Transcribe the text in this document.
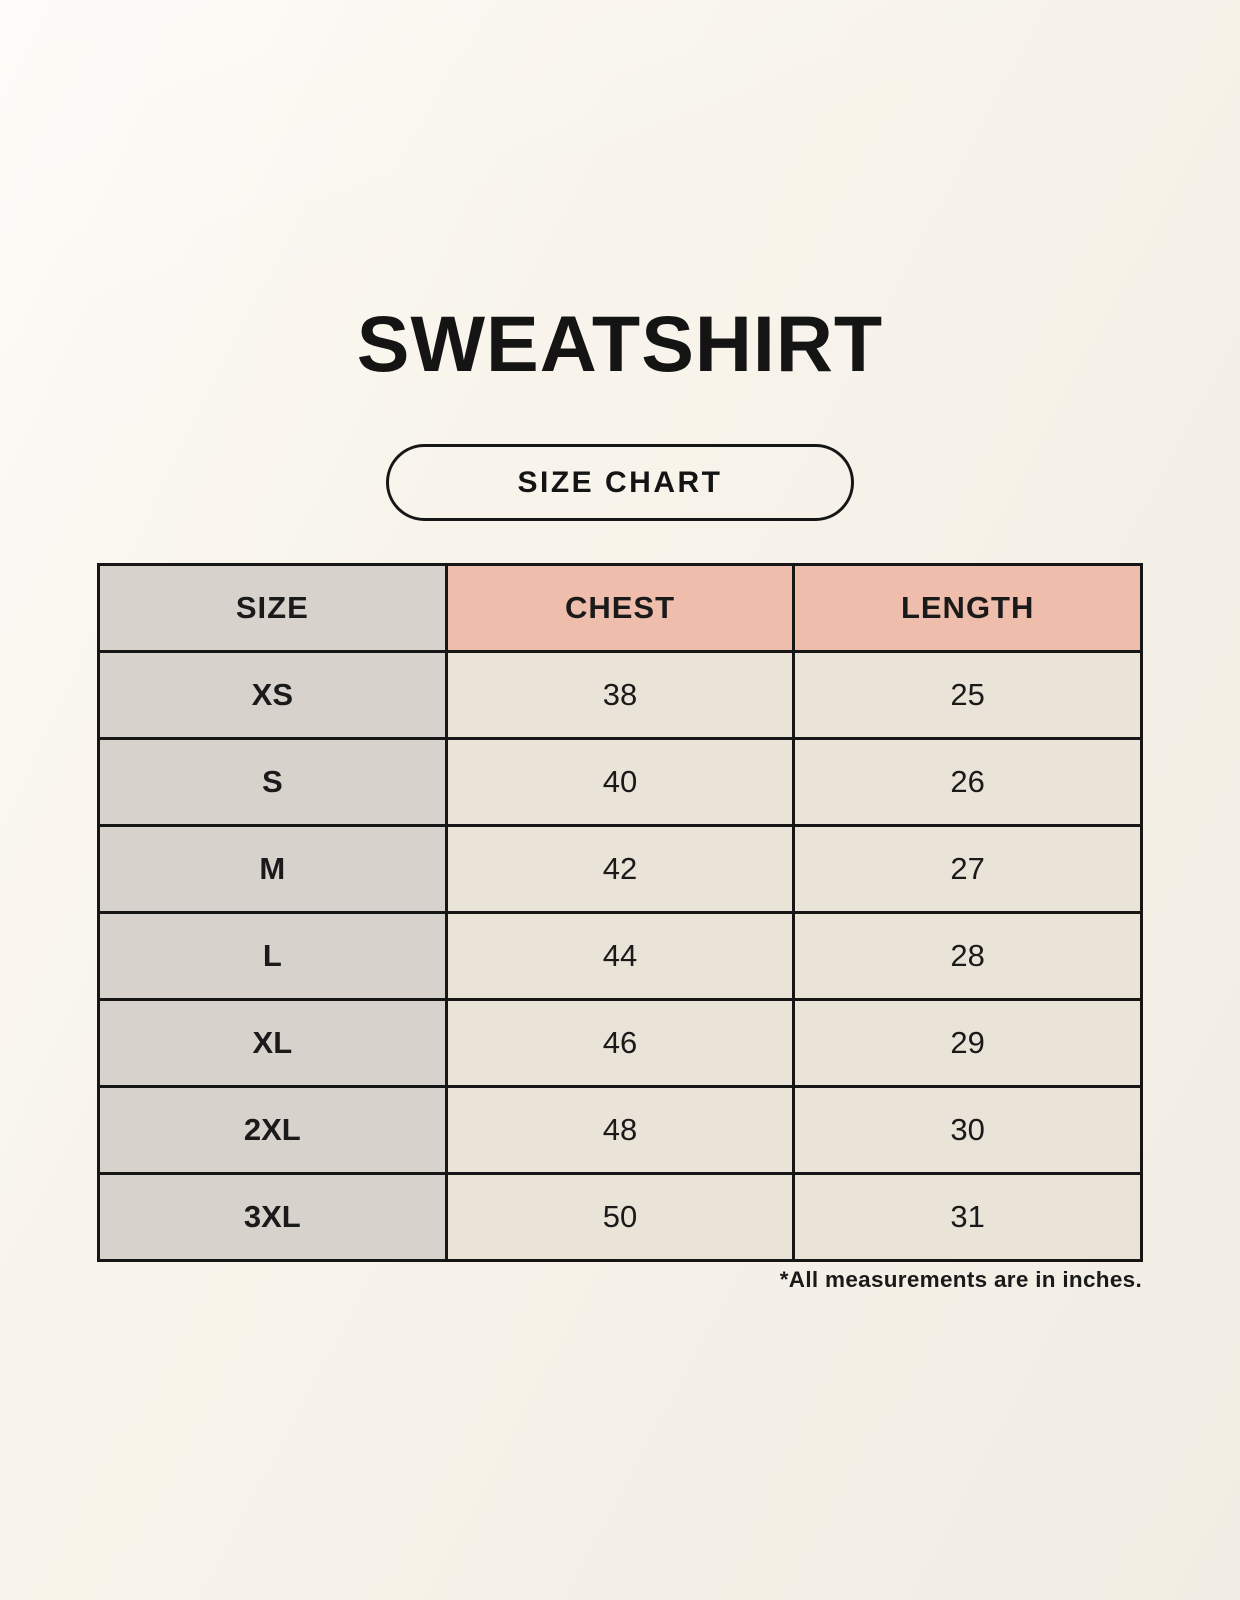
SWEATSHIRT
SIZE CHART
SIZE	CHEST	LENGTH
XS	38	25
S	40	26
M	42	27
L	44	28
XL	46	29
2XL	48	30
3XL	50	31
*All measurements are in inches.
